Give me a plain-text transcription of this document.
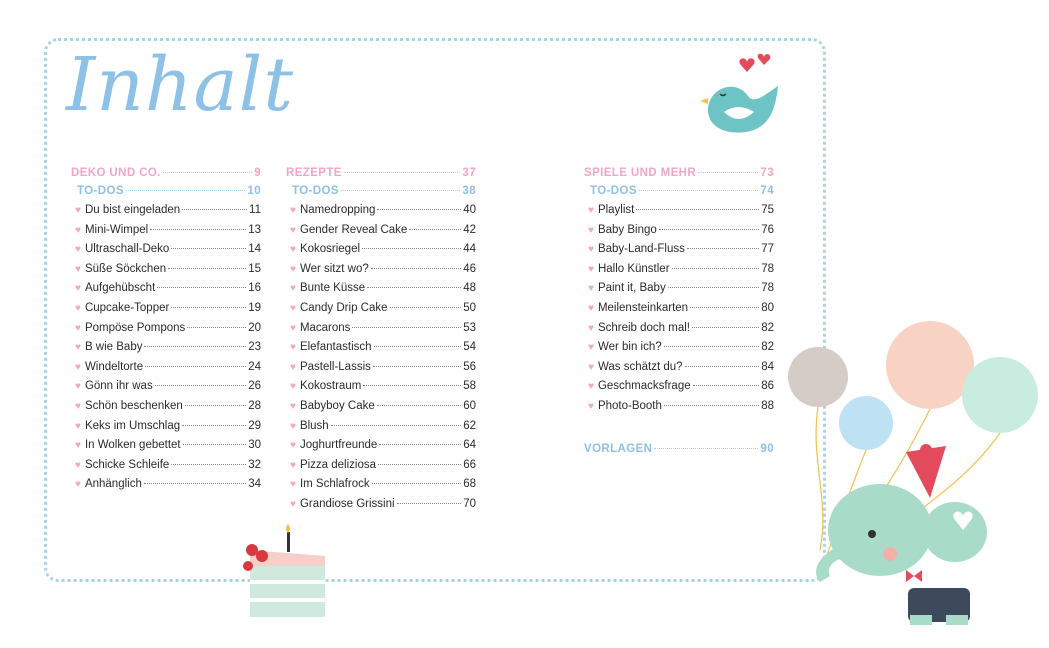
Inhalt
DEKO UND CO.	9
TO-DOS	10
♥ Du bist eingeladen	11
♥ Mini-Wimpel	13
♥ Ultraschall-Deko	14
♥ Süße Söckchen	15
♥ Aufgehübscht	16
♥ Cupcake-Topper	19
♥ Pompöse Pompons	20
♥ B wie Baby	23
♥ Windeltorte	24
♥ Gönn ihr was	26
♥ Schön beschenken	28
♥ Keks im Umschlag	29
♥ In Wolken gebettet	30
♥ Schicke Schleife	32
♥ Anhänglich	34
REZEPTE	37
TO-DOS	38
♥ Namedropping	40
♥ Gender Reveal Cake	42
♥ Kokosriegel	44
♥ Wer sitzt wo?	46
♥ Bunte Küsse	48
♥ Candy Drip Cake	50
♥ Macarons	53
♥ Elefantastisch	54
♥ Pastell-Lassis	56
♥ Kokostraum	58
♥ Babyboy Cake	60
♥ Blush	62
♥ Joghurtfreunde	64
♥ Pizza deliziosa	66
♥ Im Schlafrock	68
♥ Grandiose Grissini	70
SPIELE UND MEHR	73
TO-DOS	74
♥ Playlist	75
♥ Baby Bingo	76
♥ Baby-Land-Fluss	77
♥ Hallo Künstler	78
♥ Paint it, Baby	78
♥ Meilensteinkarten	80
♥ Schreib doch mal!	82
♥ Wer bin ich?	82
♥ Was schätzt du?	84
♥ Geschmacksfrage	86
♥ Photo-Booth	88
VORLAGEN	90
